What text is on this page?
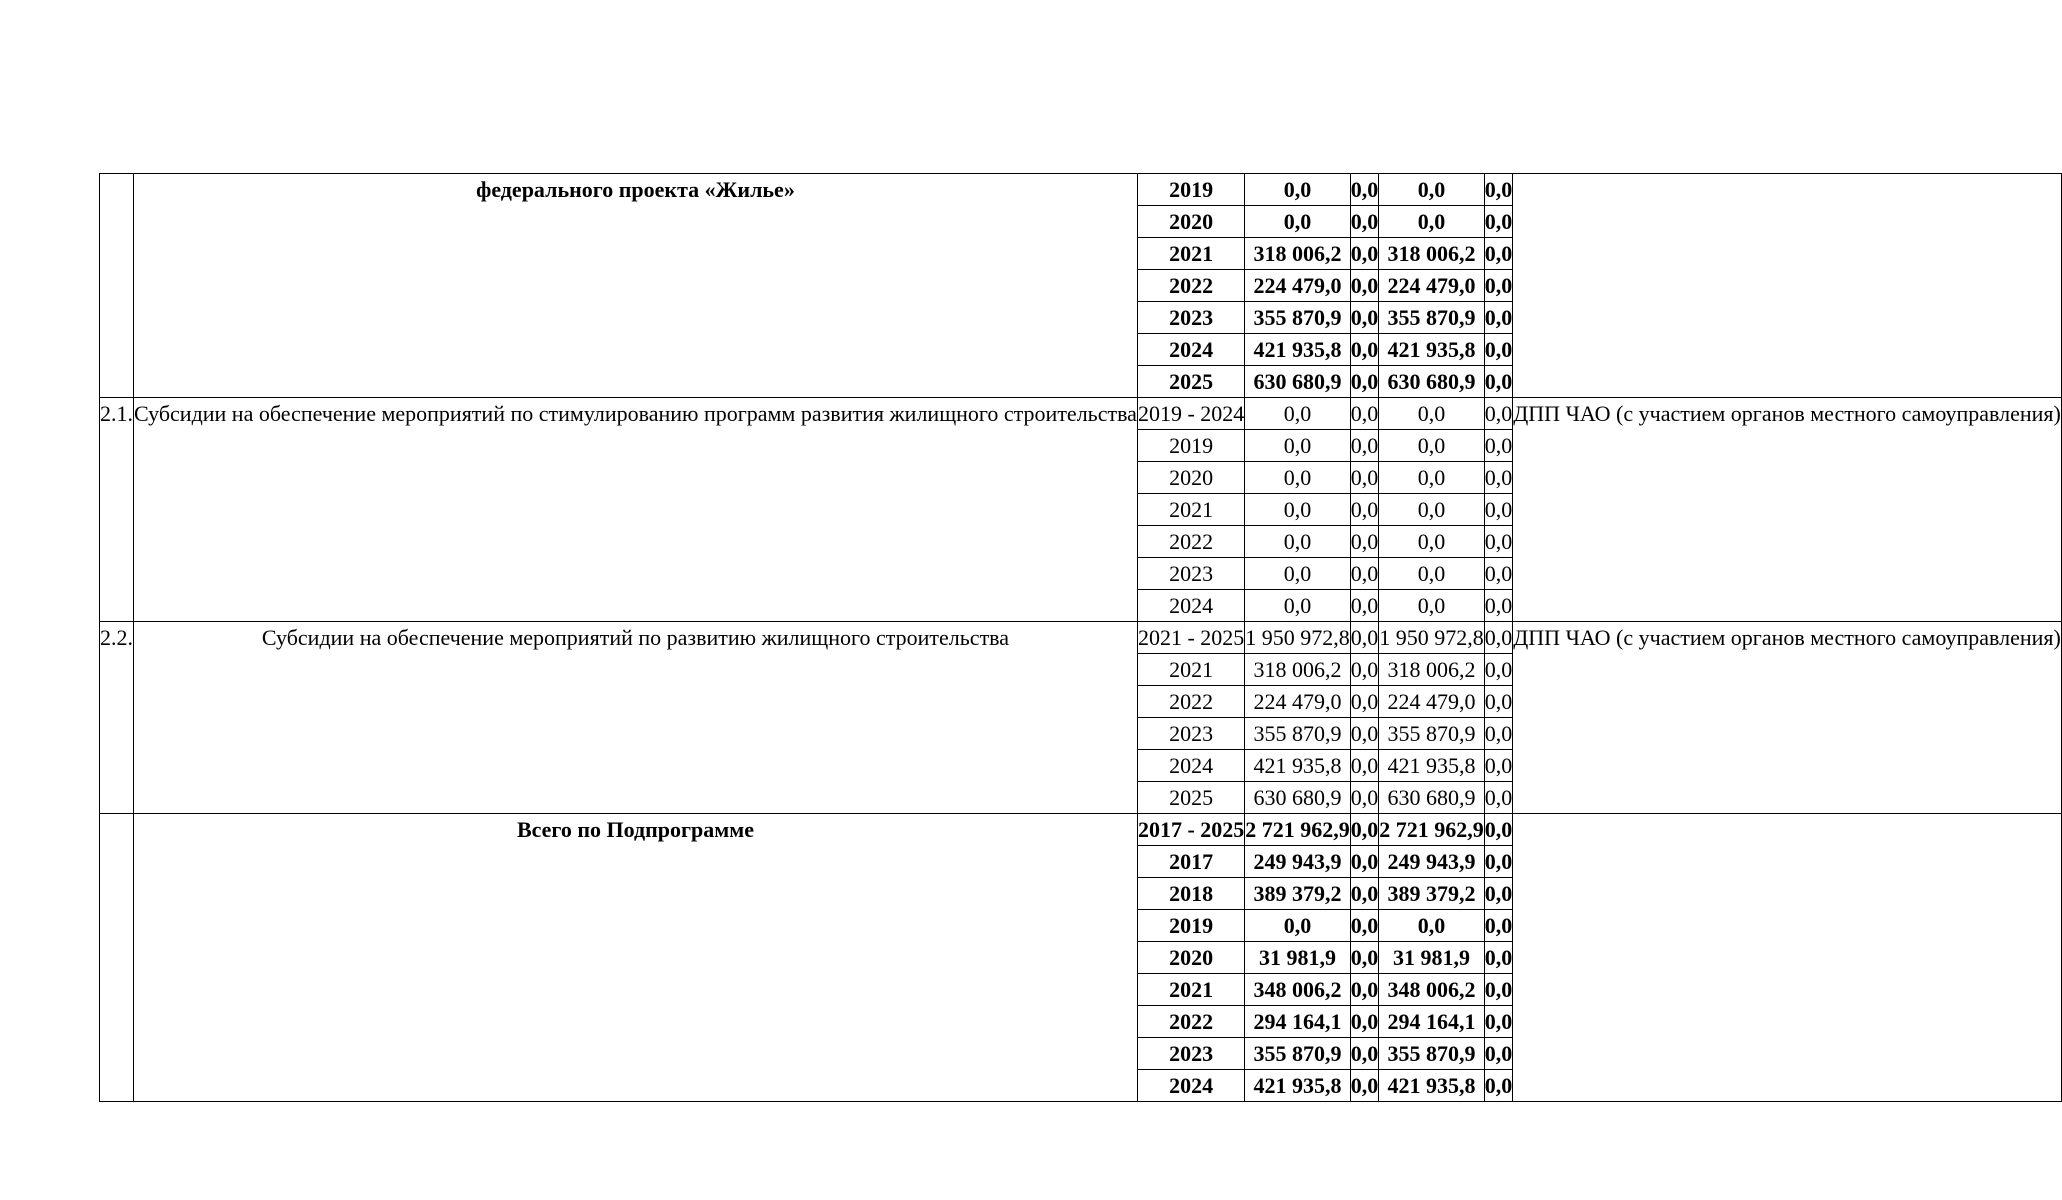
	федерального проекта «Жилье»	2019	0,0	0,0	0,0	0,0	
		2020	0,0	0,0	0,0	0,0	
		2021	318 006,2	0,0	318 006,2	0,0	
		2022	224 479,0	0,0	224 479,0	0,0	
		2023	355 870,9	0,0	355 870,9	0,0	
		2024	421 935,8	0,0	421 935,8	0,0	
		2025	630 680,9	0,0	630 680,9	0,0	
2.1.	Субсидии на обеспечение мероприятий по стимулированию программ развития жилищного строительства	2019 - 2024	0,0	0,0	0,0	0,0	ДПП ЧАО (с участием органов местного самоуправления)
		2019	0,0	0,0	0,0	0,0	
		2020	0,0	0,0	0,0	0,0	
		2021	0,0	0,0	0,0	0,0	
		2022	0,0	0,0	0,0	0,0	
		2023	0,0	0,0	0,0	0,0	
		2024	0,0	0,0	0,0	0,0	
2.2.	Субсидии на обеспечение мероприятий по развитию жилищного строительства	2021 - 2025	1 950 972,8	0,0	1 950 972,8	0,0	ДПП ЧАО (с участием органов местного самоуправления)
		2021	318 006,2	0,0	318 006,2	0,0	
		2022	224 479,0	0,0	224 479,0	0,0	
		2023	355 870,9	0,0	355 870,9	0,0	
		2024	421 935,8	0,0	421 935,8	0,0	
		2025	630 680,9	0,0	630 680,9	0,0	
	Всего по Подпрограмме	2017 - 2025	2 721 962,9	0,0	2 721 962,9	0,0	
		2017	249 943,9	0,0	249 943,9	0,0	
		2018	389 379,2	0,0	389 379,2	0,0	
		2019	0,0	0,0	0,0	0,0	
		2020	31 981,9	0,0	31 981,9	0,0	
		2021	348 006,2	0,0	348 006,2	0,0	
		2022	294 164,1	0,0	294 164,1	0,0	
		2023	355 870,9	0,0	355 870,9	0,0	
		2024	421 935,8	0,0	421 935,8	0,0	
